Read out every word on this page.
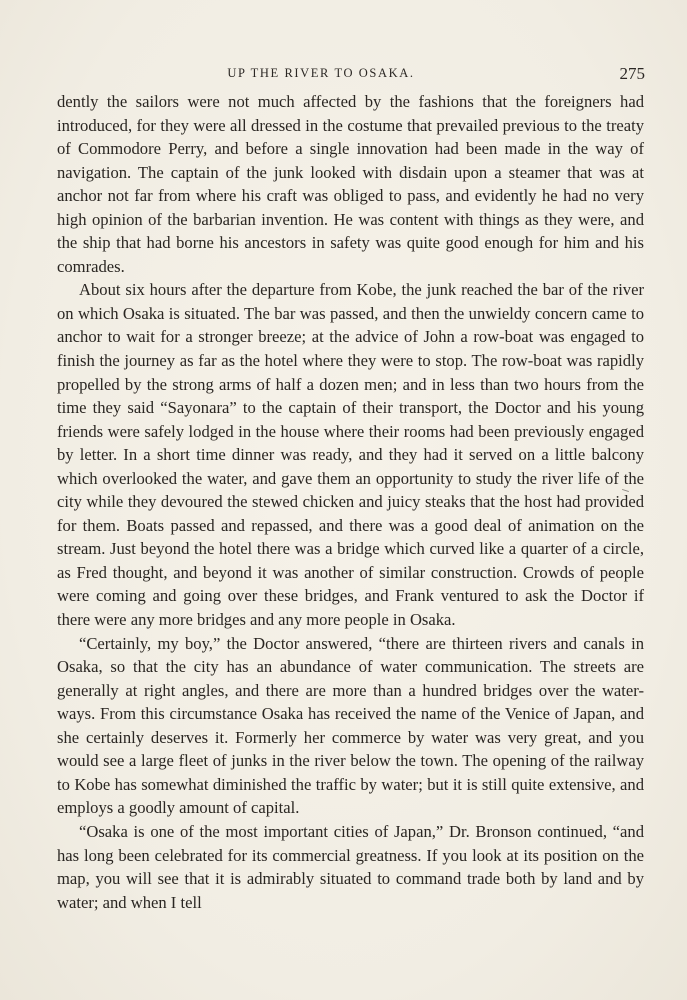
UP THE RIVER TO OSAKA.	275

dently the sailors were not much affected by the fashions that the foreigners had introduced, for they were all dressed in the costume that prevailed previous to the treaty of Commodore Perry, and before a single innovation had been made in the way of navigation. The captain of the junk looked with disdain upon a steamer that was at anchor not far from where his craft was obliged to pass, and evidently he had no very high opinion of the barbarian invention. He was content with things as they were, and the ship that had borne his ancestors in safety was quite good enough for him and his comrades.

About six hours after the departure from Kobe, the junk reached the bar of the river on which Osaka is situated. The bar was passed, and then the unwieldy concern came to anchor to wait for a stronger breeze; at the advice of John a row-boat was engaged to finish the journey as far as the hotel where they were to stop. The row-boat was rapidly propelled by the strong arms of half a dozen men; and in less than two hours from the time they said “Sayonara” to the captain of their transport, the Doctor and his young friends were safely lodged in the house where their rooms had been previously engaged by letter. In a short time dinner was ready, and they had it served on a little balcony which overlooked the water, and gave them an opportunity to study the river life of the city while they devoured the stewed chicken and juicy steaks that the host had provided for them. Boats passed and repassed, and there was a good deal of animation on the stream. Just beyond the hotel there was a bridge which curved like a quarter of a circle, as Fred thought, and beyond it was another of similar construction. Crowds of people were coming and going over these bridges, and Frank ventured to ask the Doctor if there were any more bridges and any more people in Osaka.

“Certainly, my boy,” the Doctor answered, “there are thirteen rivers and canals in Osaka, so that the city has an abundance of water communication. The streets are generally at right angles, and there are more than a hundred bridges over the water-ways. From this circumstance Osaka has received the name of the Venice of Japan, and she certainly deserves it. Formerly her commerce by water was very great, and you would see a large fleet of junks in the river below the town. The opening of the railway to Kobe has somewhat diminished the traffic by water; but it is still quite extensive, and employs a goodly amount of capital.

“Osaka is one of the most important cities of Japan,” Dr. Bronson continued, “and has long been celebrated for its commercial greatness. If you look at its position on the map, you will see that it is admirably situated to command trade both by land and by water; and when I tell
